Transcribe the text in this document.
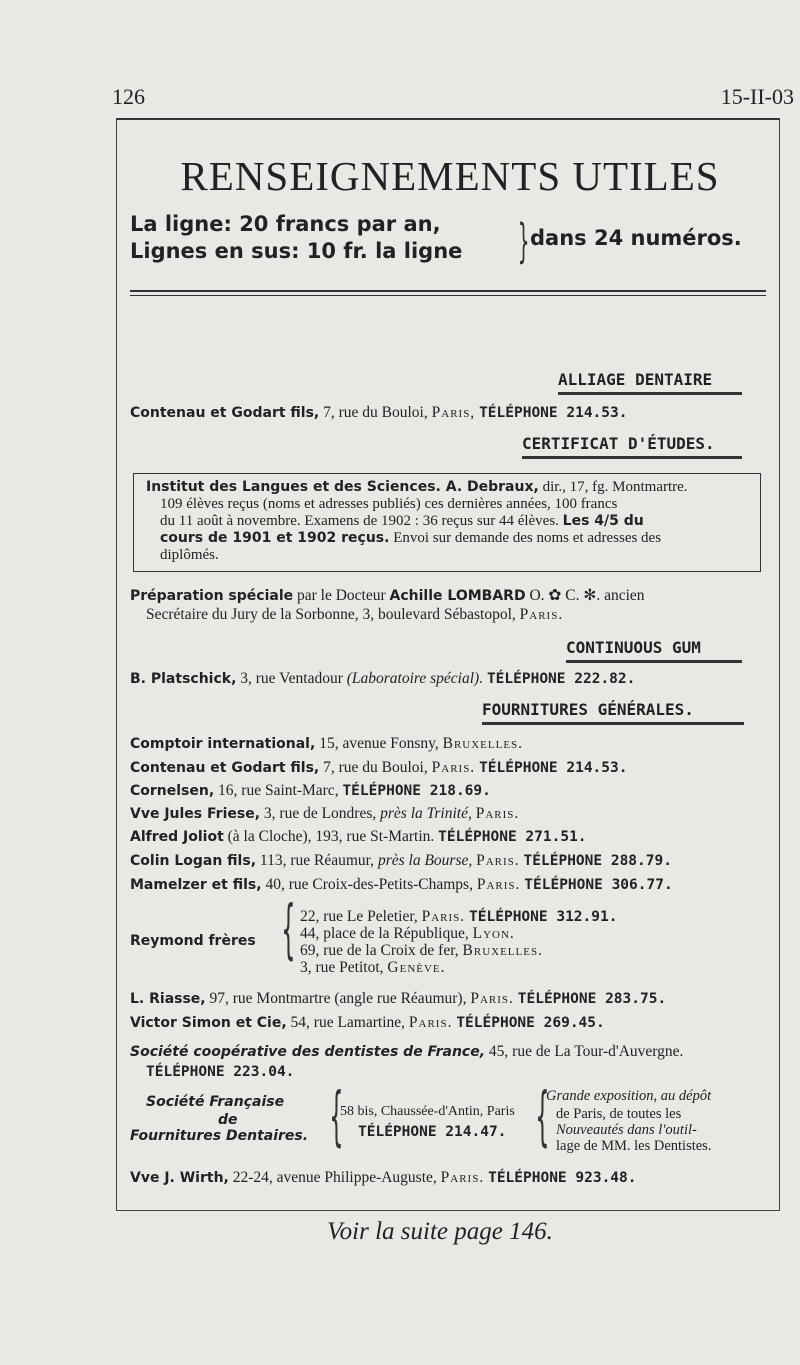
126	15-II-03
RENSEIGNEMENTS UTILES
La ligne: 20 francs par an,
Lignes en sus: 10 fr. la ligne } dans 24 numéros.
ALLIAGE DENTAIRE
Contenau et Godart fils, 7, rue du Bouloi, Paris, TÉLÉPHONE 214.53.
CERTIFICAT D'ÉTUDES.
Institut des Langues et des Sciences. A. Debraux, dir., 17, fg. Montmartre.
109 élèves reçus (noms et adresses publiés) ces dernières années, 100 francs
du 11 août à novembre. Examens de 1902 : 36 reçus sur 44 élèves. Les 4/5 du
cours de 1901 et 1902 reçus. Envoi sur demande des noms et adresses des
diplômés.
Préparation spéciale par le Docteur Achille LOMBARD O. ✿ C. ✻. ancien
Secrétaire du Jury de la Sorbonne, 3, boulevard Sébastopol, Paris.
CONTINUOUS GUM
B. Platschick, 3, rue Ventadour (Laboratoire spécial). TÉLÉPHONE 222.82.
FOURNITURES GÉNÉRALES.
Comptoir international, 15, avenue Fonsny, Bruxelles.
Contenau et Godart fils, 7, rue du Bouloi, Paris. TÉLÉPHONE 214.53.
Cornelsen, 16, rue Saint-Marc, TÉLÉPHONE 218.69.
Vve Jules Friese, 3, rue de Londres, près la Trinité, Paris.
Alfred Joliot (à la Cloche), 193, rue St-Martin. TÉLÉPHONE 271.51.
Colin Logan fils, 113, rue Réaumur, près la Bourse, Paris. TÉLÉPHONE 288.79.
Mamelzer et fils, 40, rue Croix-des-Petits-Champs, Paris. TÉLÉPHONE 306.77.
Reymond frères { 22, rue Le Peletier, Paris. TÉLÉPHONE 312.91.
44, place de la République, Lyon.
69, rue de la Croix de fer, Bruxelles.
3, rue Petitot, Genève.
L. Riasse, 97, rue Montmartre (angle rue Réaumur), Paris. TÉLÉPHONE 283.75.
Victor Simon et Cie, 54, rue Lamartine, Paris. TÉLÉPHONE 269.45.
Société coopérative des dentistes de France, 45, rue de La Tour-d'Auvergne.
TÉLÉPHONE 223.04.
Société Française
de
Fournitures Dentaires. {
58 bis, Chaussée-d'Antin, Paris
TÉLÉPHONE 214.47. {
Grande exposition, au dépôt
de Paris, de toutes les
Nouveautés dans l'outil-
lage de MM. les Dentistes.
Vve J. Wirth, 22-24, avenue Philippe-Auguste, Paris. TÉLÉPHONE 923.48.
Voir la suite page 146.
